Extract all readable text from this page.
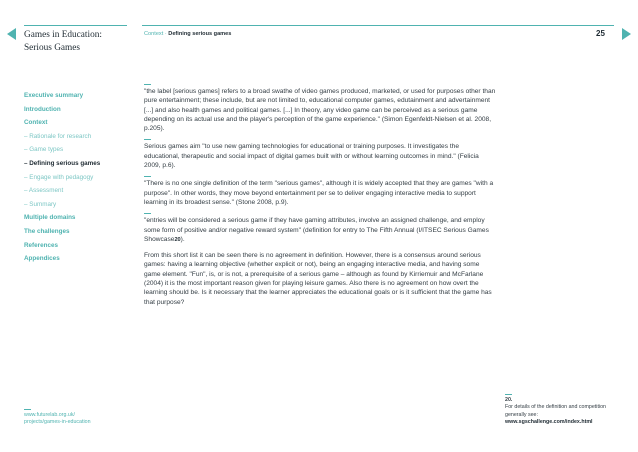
Games in Education:
Serious Games
Context · Defining serious games	25
Executive summary
Introduction
Context
– Rationale for research
– Game types
– Defining serious games
– Engage with pedagogy
– Assessment
– Summary
Multiple domains
The challenges
References
Appendices

"the label [serious games] refers to a broad swathe of video games produced, marketed, or used for purposes other than pure entertainment; these include, but are not limited to, educational computer games, edutainment and advertainment [...] and also health games and political games. [...] In theory, any video game can be perceived as a serious game depending on its actual use and the player's perception of the game experience." (Simon Egenfeldt-Nielsen et al. 2008, p.205).

Serious games aim "to use new gaming technologies for educational or training purposes. It investigates the educational, therapeutic and social impact of digital games built with or without learning outcomes in mind." (Felicia 2009, p.6).

"There is no one single definition of the term "serious games", although it is widely accepted that they are games "with a purpose". In other words, they move beyond entertainment per se to deliver engaging interactive media to support learning in its broadest sense." (Stone 2008, p.9).

"entries will be considered a serious game if they have gaming attributes, involve an assigned challenge, and employ some form of positive and/or negative reward system" (definition for entry to The Fifth Annual (I/ITSEC Serious Games Showcase20).

From this short list it can be seen there is no agreement in definition. However, there is a consensus around serious games: having a learning objective (whether explicit or not), being an engaging interactive media, and having some game element. "Fun", is, or is not, a prerequisite of a serious game – although as found by Kirriemuir and McFarlane (2004) it is the most important reason given for playing leisure games. Also there is no agreement on how overt the learning should be. Is it necessary that the learner appreciates the educational goals or is it sufficient that the game has that purpose?

www.futurelab.org.uk/
projects/games-in-education
20.
For details of the definition and competition generally see:
www.sgschallenge.com/index.html
